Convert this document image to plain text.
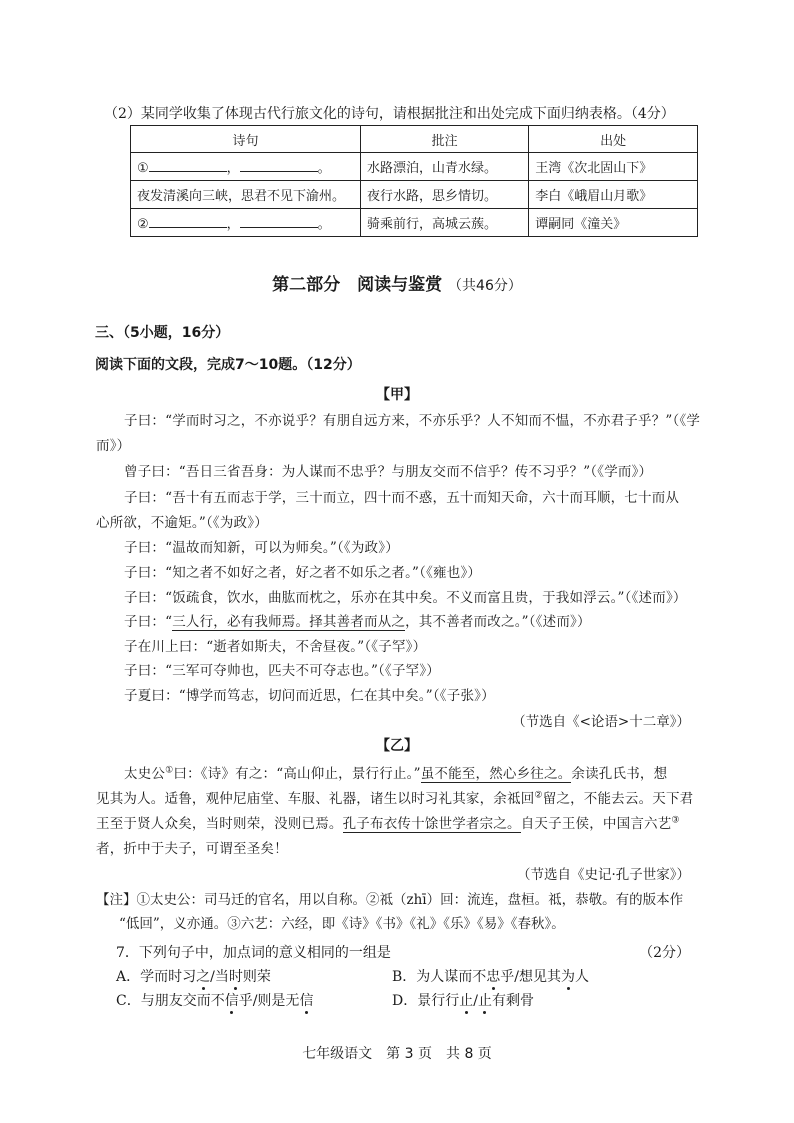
（2）某同学收集了体现古代行旅文化的诗句，请根据批注和出处完成下面归纳表格。（4分）
诗句	批注	出处
① ， 。	水路漂泊，山青水绿。	王湾《次北固山下》
夜发清溪向三峡，思君不见下渝州。	夜行水路，思乡情切。	李白《峨眉山月歌》
② ， 。	骑乘前行，高城云蔟。	谭嗣同《潼关》
第二部分　阅读与鉴赏 （共46分）
三、（5小题，16分）
阅读下面的文段，完成7～10题。（12分）
【甲】
子曰：“学而时习之，不亦说乎？有朋自远方来，不亦乐乎？人不知而不愠，不亦君子乎？”（《学
而》）
曾子曰：“吾日三省吾身：为人谋而不忠乎？与朋友交而不信乎？传不习乎？”（《学而》）
子曰：“吾十有五而志于学，三十而立，四十而不惑，五十而知天命，六十而耳顺，七十而从
心所欲，不逾矩。”（《为政》）
子曰：“温故而知新，可以为师矣。”（《为政》）
子曰：“知之者不如好之者，好之者不如乐之者。”（《雍也》）
子曰：“饭疏食，饮水，曲肱而枕之，乐亦在其中矣。不义而富且贵，于我如浮云。”（《述而》）
子曰：“三人行，必有我师焉。择其善者而从之，其不善者而改之。”（《述而》）
子在川上曰：“逝者如斯夫，不舍昼夜。”（《子罕》）
子曰：“三军可夺帅也，匹夫不可夺志也。”（《子罕》）
子夏曰：“博学而笃志，切问而近思，仁在其中矣。”（《子张》）
（节选自《<论语>十二章》）
【乙】
太史公①曰：《诗》有之：“高山仰止，景行行止。”虽不能至，然心乡往之。余读孔氏书，想
见其为人。适鲁，观仲尼庙堂、车服、礼器，诸生以时习礼其家，余祗回②留之，不能去云。天下君
王至于贤人众矣，当时则荣，没则已焉。孔子布衣传十馀世学者宗之。自天子王侯，中国言六艺③
者，折中于夫子，可谓至圣矣！
（节选自《史记·孔子世家》）
【注】①太史公：司马迁的官名，用以自称。②祗（zhī）回：流连，盘桓。祗，恭敬。有的版本作
“低回”，义亦通。③六艺：六经，即《诗》《书》《礼》《乐》《易》《春秋》。
7．下列句子中，加点词的意义相同的一组是	（2分）
A．学而时习之/当时则荣	B．为人谋而不忠乎/想见其为人
C．与朋友交而不信乎/则是无信	D．景行行止/止有剩骨
七年级语文　第 3 页　共 8 页
